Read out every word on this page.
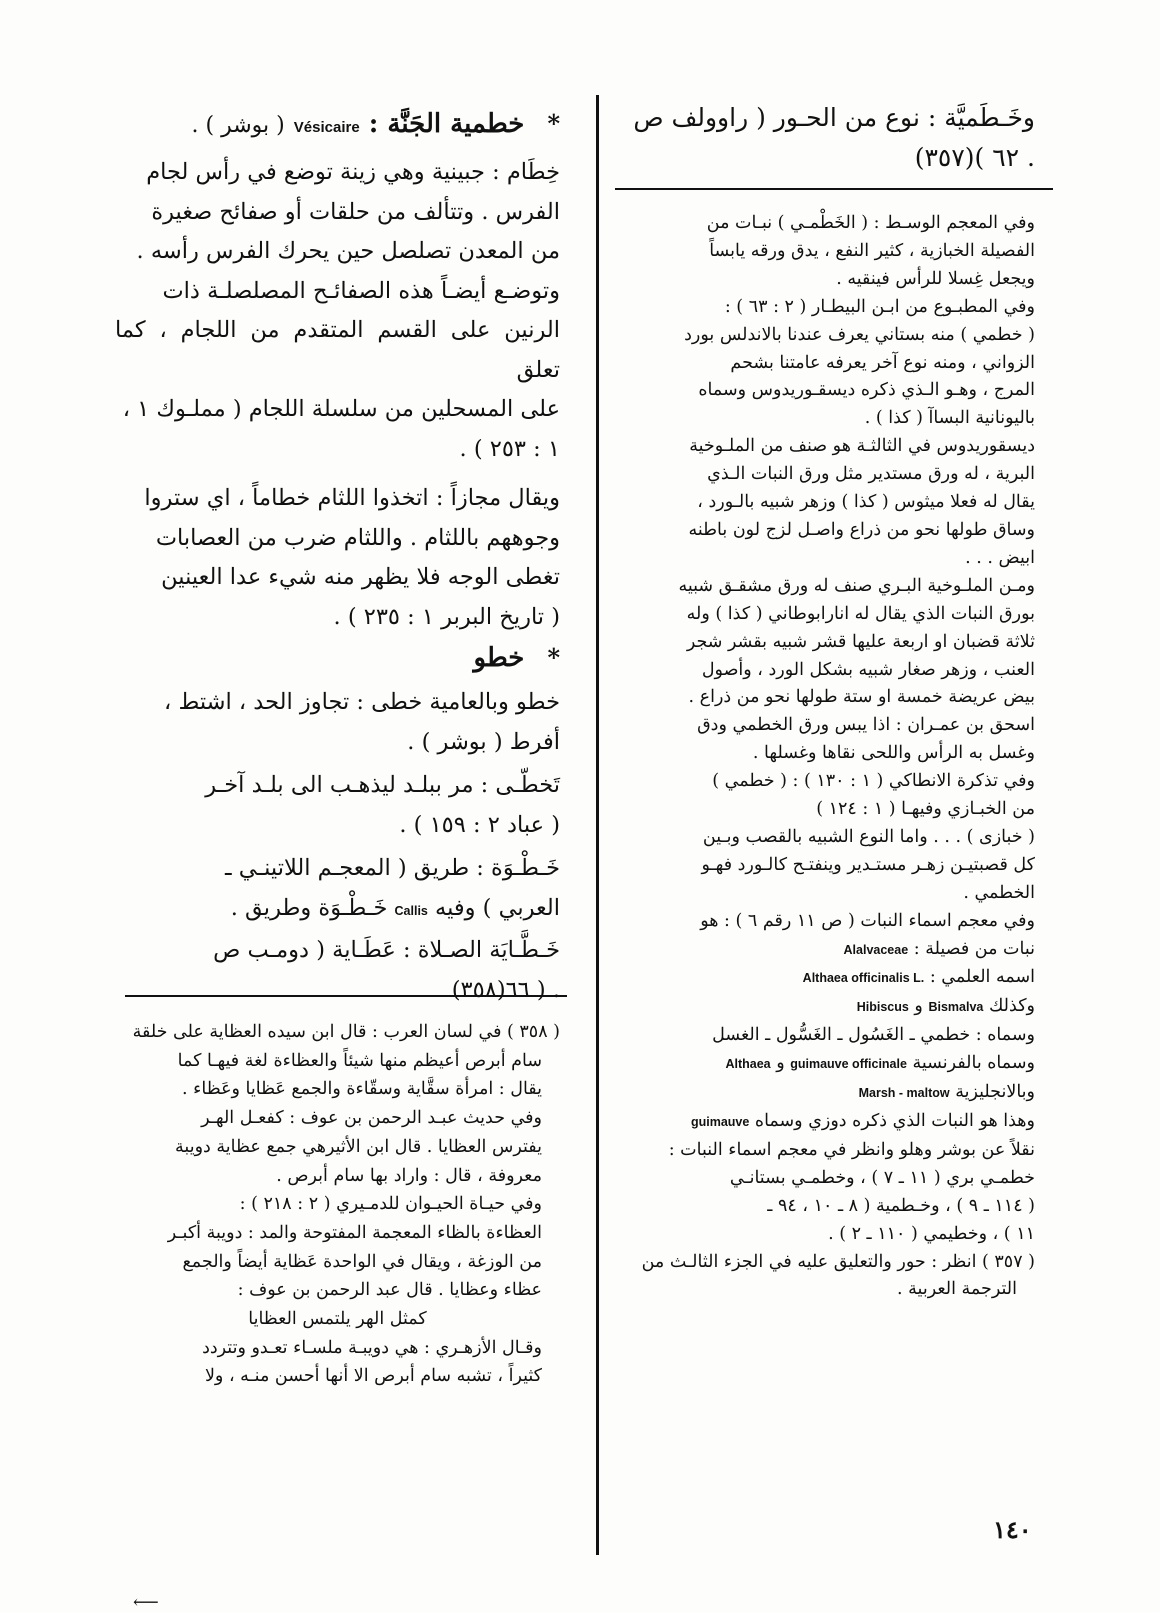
وخَـطَميَّة : نوع من الحـور ( راوولف ص

. ٦٢ )(٣٥٧)

وفي المعجم الوسـط : ( الخَطْمـي ) نبـات من

الفصيلة الخبازية ، كثير النفع ، يدق ورقه يابساً

ويجعل غِسلا للرأس فينقيه .

وفي المطبـوع من ابـن البيطـار ( ٢ : ٦٣ ) :

( خطمي ) منه بستاني يعرف عندنا بالاندلس بورد

الزواني ، ومنه نوع آخر يعرفه عامتنا بشحم

المرج ، وهـو الـذي ذكره ديسقـوريدوس وسماه

باليونانية البساآ ( كذا ) .

ديسقوريدوس في الثالثـة هو صنف من الملـوخية

البرية ، له ورق مستدير مثل ورق النبات الـذي

يقال له فعلا ميثوس ( كذا ) وزهر شبيه بالـورد ،

وساق طولها نحو من ذراع واصـل لزج لون باطنه

ابيض . . .

ومـن الملـوخية البـري صنف له ورق مشقـق شبيه

بورق النبات الذي يقال له انارابوطاني ( كذا ) وله

ثلاثة قضبان او اربعة عليها قشر شبيه بقشر شجر

العنب ، وزهر صغار شبيه بشكل الورد ، وأصول

بيض عريضة خمسة او ستة طولها نحو من ذراع .

اسحق بن عمـران : اذا يبس ورق الخطمي ودق

وغسل به الرأس واللحى نقاها وغسلها .

وفي تذكرة الانطاكي ( ١ : ١٣٠ ) : ( خطمي )

من الخبـازي وفيهـا ( ١ : ١٢٤ )

( خبازى ) . . . واما النوع الشبيه بالقصب وبـين

كل قصبتيـن زهـر مستـدير وينفتـح كالـورد فهـو

الخطمي .

وفي معجم اسماء النبات ( ص ١١ رقم ٦ ) : هو

نبات من فصيلة : Alalvaceae

اسمه العلمي : Althaea officinalis L.

وكذلك Bismalva و Hibiscus

وسماه : خطمي ـ الغَسُول ـ الغَسُّول ـ الغسل

وسماه بالفرنسية guimauve officinale و Althaea

وبالانجليزية Marsh - maltow

وهذا هو النبات الذي ذكره دوزي وسماه guimauve

نقلاً عن بوشر وهلو وانظر في معجم اسماء النبات :

خطمـي بري ( ١١ ـ ٧ ) ، وخطمـي بستانـي

( ١١٤ ـ ٩ ) ، وخـطمية ( ٨ ـ ١٠ ، ٩٤ ـ

١١ ) ، وخطيمي ( ١١٠ ـ ٢ ) .

( ٣٥٧ ) انظر : حور والتعليق عليه في الجزء الثالـث من

الترجمة العربية .

* خطمية الجَنَّة : Vésicaire ( بوشر ) .

خِطَام : جبينية وهي زينة توضع في رأس لجام

الفرس . وتتألف من حلقات أو صفائح صغيرة

من المعدن تصلصل حين يحرك الفرس رأسه .

وتوضـع أيضـاً هذه الصفائـح المصلصلـة ذات

الرنين على القسم المتقدم من اللجام ، كما تعلق

على المسحلين من سلسلة اللجام ( مملـوك ١ ،

١ : ٢٥٣ ) .

ويقال مجازاً : اتخذوا اللثام خطاماً ، اي ستروا

وجوههم باللثام . واللثام ضرب من العصابات

تغطى الوجه فلا يظهر منه شيء عدا العينين

( تاريخ البربر ١ : ٢٣٥ ) .

* خطو

خطو وبالعامية خطى : تجاوز الحد ، اشتط ،

أفرط ( بوشر ) .

تَخطّـى : مر ببلـد ليذهـب الى بلـد آخـر

( عباد ٢ : ١٥٩ ) .

خَـطْـوَة : طريق ( المعجـم اللاتينـي ـ

العربي ) وفيه Callis خَـطْـوَة وطريق .

خَـطَّـايَة الصـلاة : عَطَـاية ( دومـب ص

. ( ٦٦(٣٥٨)

( ٣٥٨ ) في لسان العرب : قال ابن سيده العظاية على خلقة

سام أبرص أعيظم منها شيئاً والعظاءة لغة فيهـا كما

يقال : امرأة سقَّاية وسقّاءة والجمع عَظايا وعَظاء .

وفي حديث عبـد الرحمن بن عوف : كفعـل الهـر

يفترس العظايا . قال ابن الأثيرهي جمع عظاية دويبة

معروفة ، قال : واراد بها سام أبرص .

وفي حيـاة الحيـوان للدمـيري ( ٢ : ٢١٨ ) :

العظاءة بالظاء المعجمة المفتوحة والمد : دويبة أكبـر

من الوزغة ، ويقال في الواحدة عَظاية أيضاً والجمع

عظاء وعظايا . قال عبد الرحمن بن عوف :

كمثل الهر يلتمس العظايا

وقـال الأزهـري : هي دويبـة ملسـاء تعـدو وتتردد

كثيراً ، تشبه سام أبرص الا أنها أحسن منـه ، ولا

⟵
١٤٠
